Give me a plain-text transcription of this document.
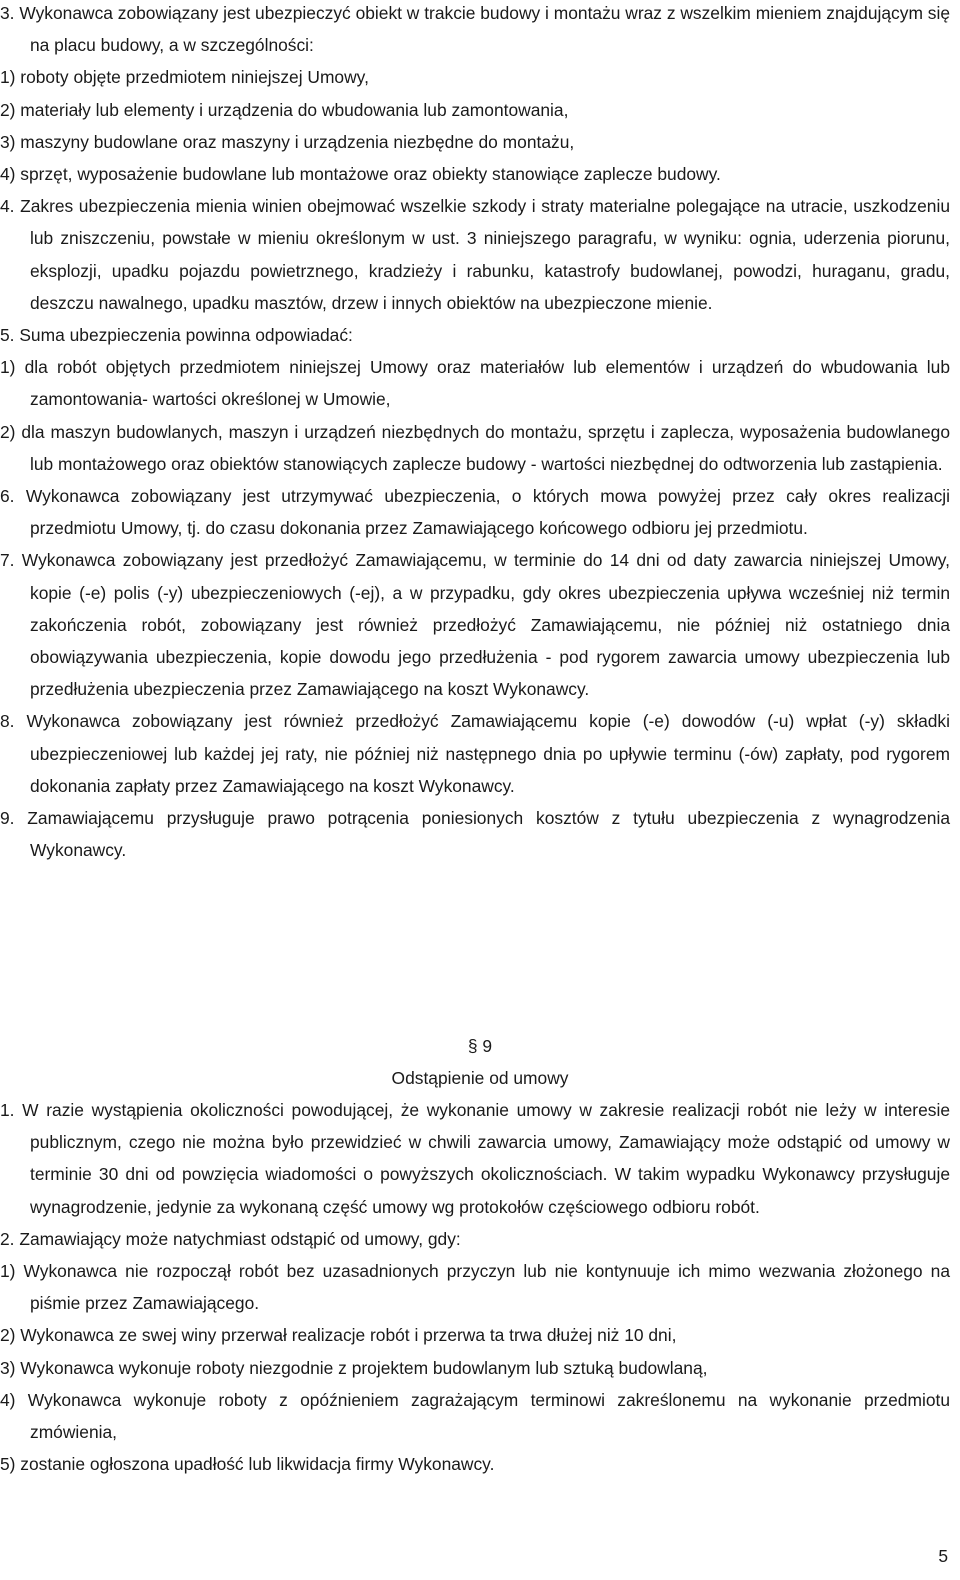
3. Wykonawca zobowiązany jest ubezpieczyć obiekt w trakcie budowy i montażu wraz z wszelkim mieniem znajdującym się na placu budowy, a w szczególności:

1) roboty objęte przedmiotem niniejszej Umowy,

2) materiały lub elementy i urządzenia do wbudowania lub zamontowania,

3) maszyny budowlane oraz maszyny i urządzenia niezbędne do montażu,

4) sprzęt, wyposażenie budowlane lub montażowe oraz obiekty stanowiące zaplecze budowy.

4. Zakres ubezpieczenia mienia winien obejmować wszelkie szkody i straty materialne polegające na utracie, uszkodzeniu lub zniszczeniu, powstałe w mieniu określonym w ust. 3 niniejszego paragrafu, w wyniku: ognia, uderzenia piorunu, eksplozji, upadku pojazdu powietrznego, kradzieży i rabunku, katastrofy budowlanej, powodzi, huraganu, gradu, deszczu nawalnego, upadku masztów, drzew i innych obiektów na ubezpieczone mienie.

5. Suma ubezpieczenia powinna odpowiadać:

1) dla robót objętych przedmiotem niniejszej Umowy oraz materiałów lub elementów i urządzeń do wbudowania lub zamontowania- wartości określonej w Umowie,

2) dla maszyn budowlanych, maszyn i urządzeń niezbędnych do montażu, sprzętu i zaplecza, wyposażenia budowlanego lub montażowego oraz obiektów stanowiących zaplecze budowy - wartości niezbędnej do odtworzenia lub zastąpienia.

6. Wykonawca zobowiązany jest utrzymywać ubezpieczenia, o których mowa powyżej przez cały okres realizacji przedmiotu Umowy, tj. do czasu dokonania przez Zamawiającego końcowego odbioru jej przedmiotu.

7. Wykonawca zobowiązany jest przedłożyć Zamawiającemu, w terminie do 14 dni od daty zawarcia niniejszej Umowy, kopie (-e) polis (-y) ubezpieczeniowych (-ej), a w przypadku, gdy okres ubezpieczenia upływa wcześniej niż termin zakończenia robót, zobowiązany jest również przedłożyć Zamawiającemu, nie później niż ostatniego dnia obowiązywania ubezpieczenia, kopie dowodu jego przedłużenia - pod rygorem zawarcia umowy ubezpieczenia lub przedłużenia ubezpieczenia przez Zamawiającego na koszt Wykonawcy.

8. Wykonawca zobowiązany jest również przedłożyć Zamawiającemu kopie (-e) dowodów (-u) wpłat (-y) składki ubezpieczeniowej lub każdej jej raty, nie później niż następnego dnia po upływie terminu (-ów) zapłaty, pod rygorem dokonania zapłaty przez Zamawiającego na koszt Wykonawcy.

9. Zamawiającemu przysługuje prawo potrącenia poniesionych kosztów z tytułu ubezpieczenia z wynagrodzenia Wykonawcy.

§ 9
Odstąpienie od umowy

1. W razie wystąpienia okoliczności powodującej, że wykonanie umowy w zakresie realizacji robót nie leży w interesie publicznym, czego nie można było przewidzieć w chwili zawarcia umowy, Zamawiający może odstąpić od umowy w terminie 30 dni od powzięcia wiadomości o powyższych okolicznościach. W takim wypadku Wykonawcy przysługuje wynagrodzenie, jedynie za wykonaną część umowy wg protokołów częściowego odbioru robót.

2. Zamawiający może natychmiast odstąpić od umowy, gdy:

1) Wykonawca nie rozpoczął robót bez uzasadnionych przyczyn lub nie kontynuuje ich mimo wezwania złożonego na piśmie przez Zamawiającego.

2) Wykonawca ze swej winy przerwał realizacje robót i przerwa ta trwa dłużej niż 10 dni,

3) Wykonawca wykonuje roboty niezgodnie z projektem budowlanym lub sztuką budowlaną,

4) Wykonawca wykonuje roboty z opóźnieniem zagrażającym terminowi zakreślonemu na wykonanie przedmiotu zmówienia,

5) zostanie ogłoszona upadłość lub likwidacja firmy Wykonawcy.

5
